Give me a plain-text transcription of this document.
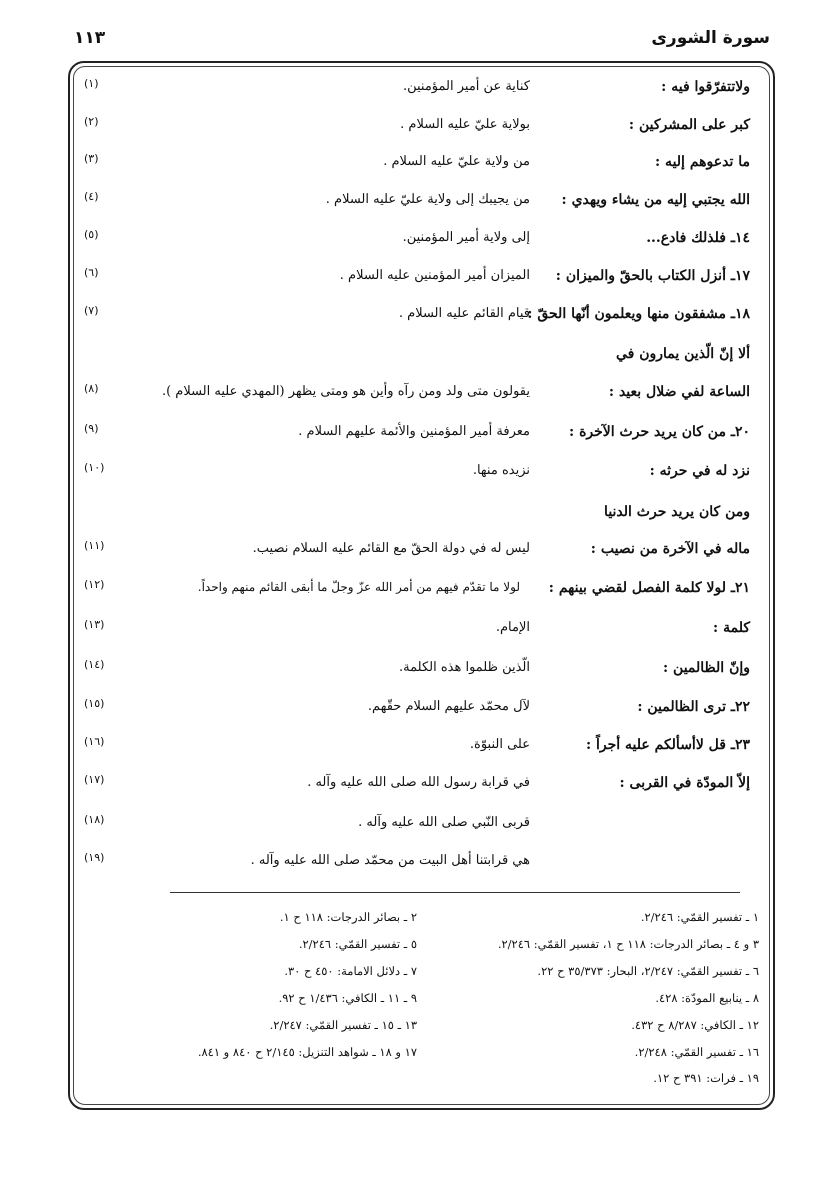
سورة الشورى
١١٣
ولاتتفرّقوا فيه :
كناية عن أمير المؤمنين.
(١)
كبر على المشركين :
بولاية عليّ عليه السلام .
(٢)
ما تدعوهم إليه :
من ولاية عليّ عليه السلام .
(٣)
الله يجتبي إليه من يشاء ويهدي :
من يجيبك إلى ولاية عليّ عليه السلام .
(٤)
١٤ـ فلذلك فادع...
إلى ولاية أمير المؤمنين.
(٥)
١٧ـ أنزل الكتاب بالحقّ والميزان :
الميزان أمير المؤمنين عليه السلام .
(٦)
١٨ـ مشفقون منها ويعلمون أنّها الحقّ :
قيام القائم عليه السلام .
(٧)
ألا إنّ الّذين يمارون في
الساعة لفي ضلال بعيد :
يقولون متى ولد ومن رآه وأين هو ومتى يظهر (المهدي عليه السلام ).
(٨)
٢٠ـ من كان يريد حرث الآخرة :
معرفة أمير المؤمنين والأئمة عليهم السلام .
(٩)
نزد له في حرثه :
نزيده منها.
(١٠)
ومن كان يريد حرث الدنيا
ماله في الآخرة من نصيب :
ليس له في دولة الحقّ مع القائم عليه السلام نصيب.
(١١)
٢١ـ لولا كلمة الفصل لقضي بينهم :
لولا ما تقدّم فيهم من أمر الله عزّ وجلّ ما أبقى القائم منهم واحداً.
(١٢)
كلمة :
الإمام.
(١٣)
وإنّ الظالمين :
الّذين ظلموا هذه الكلمة.
(١٤)
٢٢ـ ترى الظالمين :
لآل محمّد عليهم السلام حقّهم.
(١٥)
٢٣ـ قل لاأسألكم عليه أجراً :
على النبوّة.
(١٦)
إلاّ المودّة في القربى :
في قرابة رسول الله صلى الله عليه وآله .
(١٧)
قربى النّبي صلى الله عليه وآله .
(١٨)
هي قرابتنا أهل البيت من محمّد صلى الله عليه وآله .
(١٩)
١ ـ تفسير القمّي: ٢/٢٤٦.
٣ و ٤ ـ بصائر الدرجات: ١١٨ ح ١، تفسير القمّي: ٢/٢٤٦.
٦ ـ تفسير القمّي: ٢/٢٤٧، البحار: ٣٥/٣٧٣ ح ٢٢.
٨ ـ ينابيع المودّة: ٤٢٨.
١٢ ـ الكافي: ٨/٢٨٧ ح ٤٣٢.
١٦ ـ تفسير القمّي: ٢/٢٤٨.
١٩ ـ فرات: ٣٩١ ح ١٢.
٢ ـ بصائر الدرجات: ١١٨ ح ١.
٥ ـ تفسير القمّي: ٢/٢٤٦.
٧ ـ دلائل الامامة: ٤٥٠ ح ٣٠.
٩ ـ ١١ ـ الكافي: ١/٤٣٦ ح ٩٢.
١٣ ـ ١٥ ـ تفسير القمّي: ٢/٢٤٧.
١٧ و ١٨ ـ شواهد التنزيل: ٢/١٤٥ ح ٨٤٠ و ٨٤١.
